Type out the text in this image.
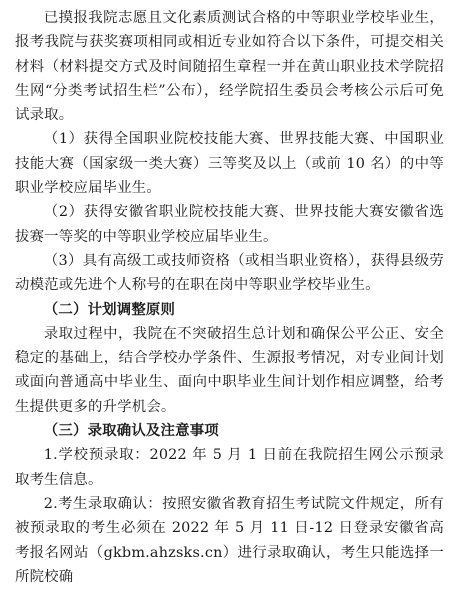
已摸报我院志愿且文化素质测试合格的中等职业学校毕业生，报考我院与获奖赛项相同或相近专业如符合以下条件，可提交相关材料（材料提交方式及时间随招生章程一并在黄山职业技术学院招生网“分类考试招生栏”公布），经学院招生委员会考核公示后可免试录取。

（1）获得全国职业院校技能大赛、世界技能大赛、中国职业技能大赛（国家级一类大赛）三等奖及以上（或前 10 名）的中等职业学校应届毕业生。

（2）获得安徽省职业院校技能大赛、世界技能大赛安徽省选拔赛一等奖的中等职业学校应届毕业生。

（3）具有高级工或技师资格（或相当职业资格），获得县级劳动模范或先进个人称号的在职在岗中等职业学校毕业生。

（二）计划调整原则

录取过程中，我院在不突破招生总计划和确保公平公正、安全稳定的基础上，结合学校办学条件、生源报考情况，对专业间计划或面向普通高中毕业生、面向中职毕业生间计划作相应调整，给考生提供更多的升学机会。

（三）录取确认及注意事项

1.学校预录取：2022 年 5 月 1 日前在我院招生网公示预录取考生信息。

2.考生录取确认：按照安徽省教育招生考试院文件规定，所有被预录取的考生必须在 2022 年 5 月 11 日-12 日登录安徽省高考报名网站（gkbm.ahzsks.cn）进行录取确认，考生只能选择一所院校确
